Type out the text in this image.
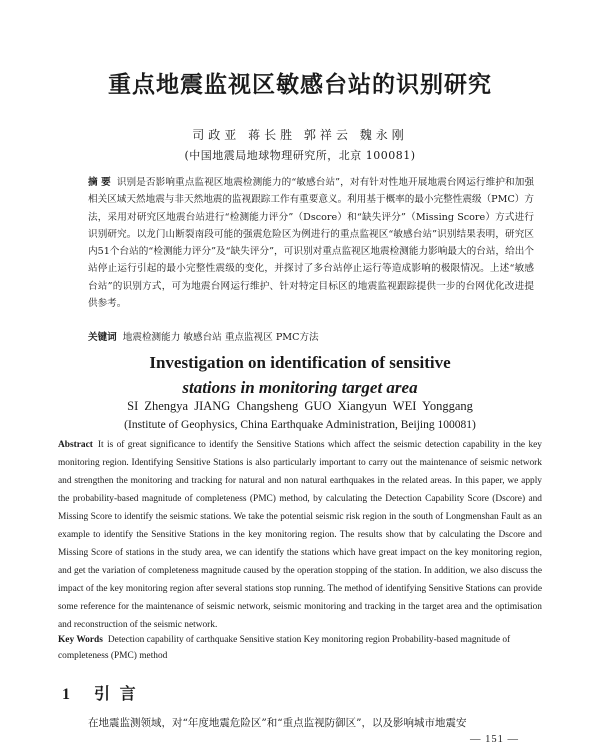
重点地震监视区敏感台站的识别研究
司政亚 蒋长胜 郭祥云 魏永刚
(中国地震局地球物理研究所，北京 100081)
摘 要 识别是否影响重点监视区地震检测能力的“敏感台站”，对有针对性地开展地震台网运行维护和加强相关区域天然地震与非天然地震的监视跟踪工作有重要意义。利用基于概率的最小完整性震级（PMC）方法，采用对研究区地震台站进行“检测能力评分”（Dscore）和“缺失评分”（Missing Score）方式进行识别研究。以龙门山断裂南段可能的强震危险区为例进行的重点监视区“敏感台站”识别结果表明，研究区内51个台站的“检测能力评分”及“缺失评分”，可识别对重点监视区地震检测能力影响最大的台站，给出个站停止运行引起的最小完整性震级的变化，并探讨了多台站停止运行等造成影响的极限情况。上述“敏感台站”的识别方式，可为地震台网运行维护、针对特定目标区的地震监视跟踪提供一步的台网优化改进提供参考。
关键词 地震检测能力 敏感台站 重点监视区 PMC方法
Investigation on identification of sensitive
stations in monitoring target area
SI Zhengya JIANG Changsheng GUO Xiangyun WEI Yonggang
(Institute of Geophysics, China Earthquake Administration, Beijing 100081)
Abstract It is of great significance to identify the Sensitive Stations which affect the seismic detection capability in the key monitoring region. Identifying Sensitive Stations is also particularly important to carry out the maintenance of seismic network and strengthen the monitoring and tracking for natural and non natural earthquakes in the related areas. In this paper, we apply the probability-based magnitude of completeness (PMC) method, by calculating the Detection Capability Score (Dscore) and Missing Score to identify the seismic stations. We take the potential seismic risk region in the south of Longmenshan Fault as an example to identify the Sensitive Stations in the key monitoring region. The results show that by calculating the Dscore and Missing Score of stations in the study area, we can identify the stations which have great impact on the key monitoring region, and get the variation of completeness magnitude caused by the operation stopping of the station. In addition, we also discuss the impact of the key monitoring region after several stations stop running. The method of identifying Sensitive Stations can provide some reference for the maintenance of seismic network, seismic monitoring and tracking in the target area and the optimisation and reconstruction of the seismic network.
Key Words Detection capability of carthquake Sensitive station Key monitoring region Probability-based magnitude of completeness (PMC) method
1 引 言
在地震监测领域，对“年度地震危险区”和“重点监视防御区”，以及影响城市地震安
— 151 —
